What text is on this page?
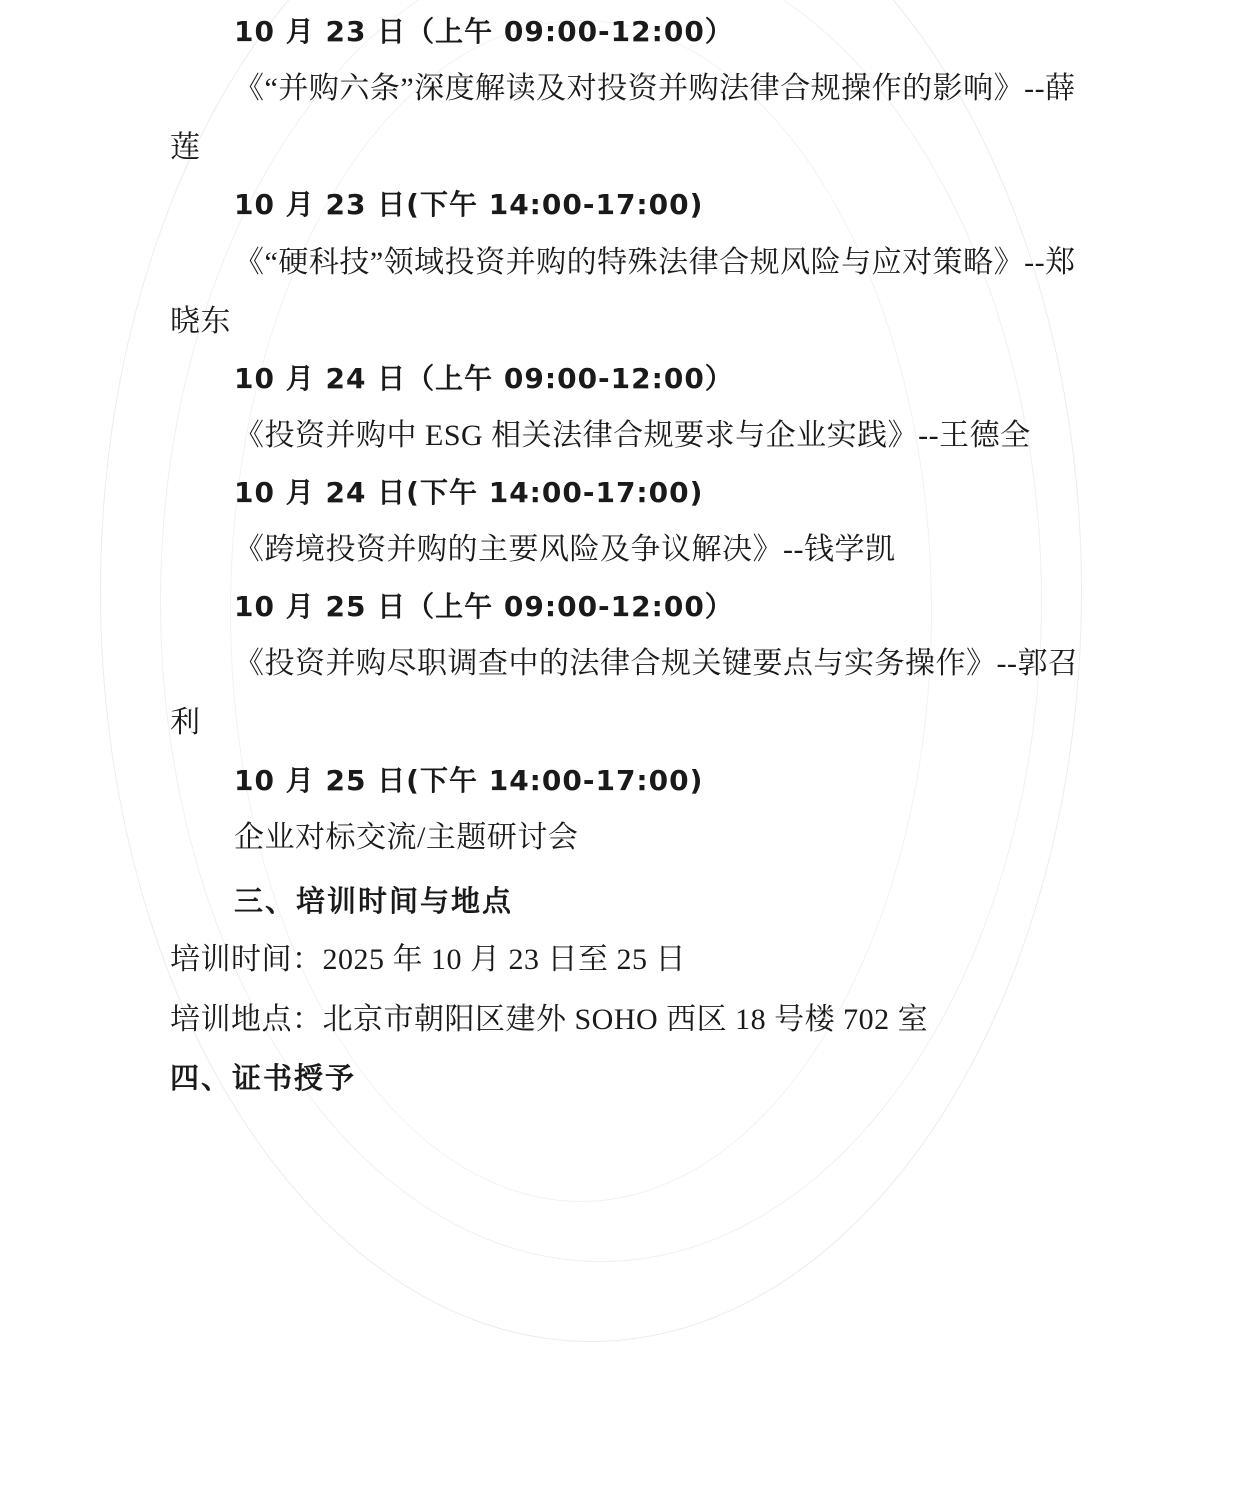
10 月 23 日（上午 09:00-12:00）
《“并购六条”深度解读及对投资并购法律合规操作的影响》--薛莲
10 月 23 日(下午 14:00-17:00)
《“硬科技”领域投资并购的特殊法律合规风险与应对策略》--郑晓东
10 月 24 日（上午 09:00-12:00）
《投资并购中 ESG 相关法律合规要求与企业实践》--王德全
10 月 24 日(下午 14:00-17:00)
《跨境投资并购的主要风险及争议解决》--钱学凯
10 月 25 日（上午 09:00-12:00）
《投资并购尽职调查中的法律合规关键要点与实务操作》--郭召利
10 月 25 日(下午 14:00-17:00)
企业对标交流/主题研讨会
三、培训时间与地点
培训时间：2025 年 10 月 23 日至 25 日
培训地点：北京市朝阳区建外 SOHO 西区 18 号楼 702 室
四、证书授予
